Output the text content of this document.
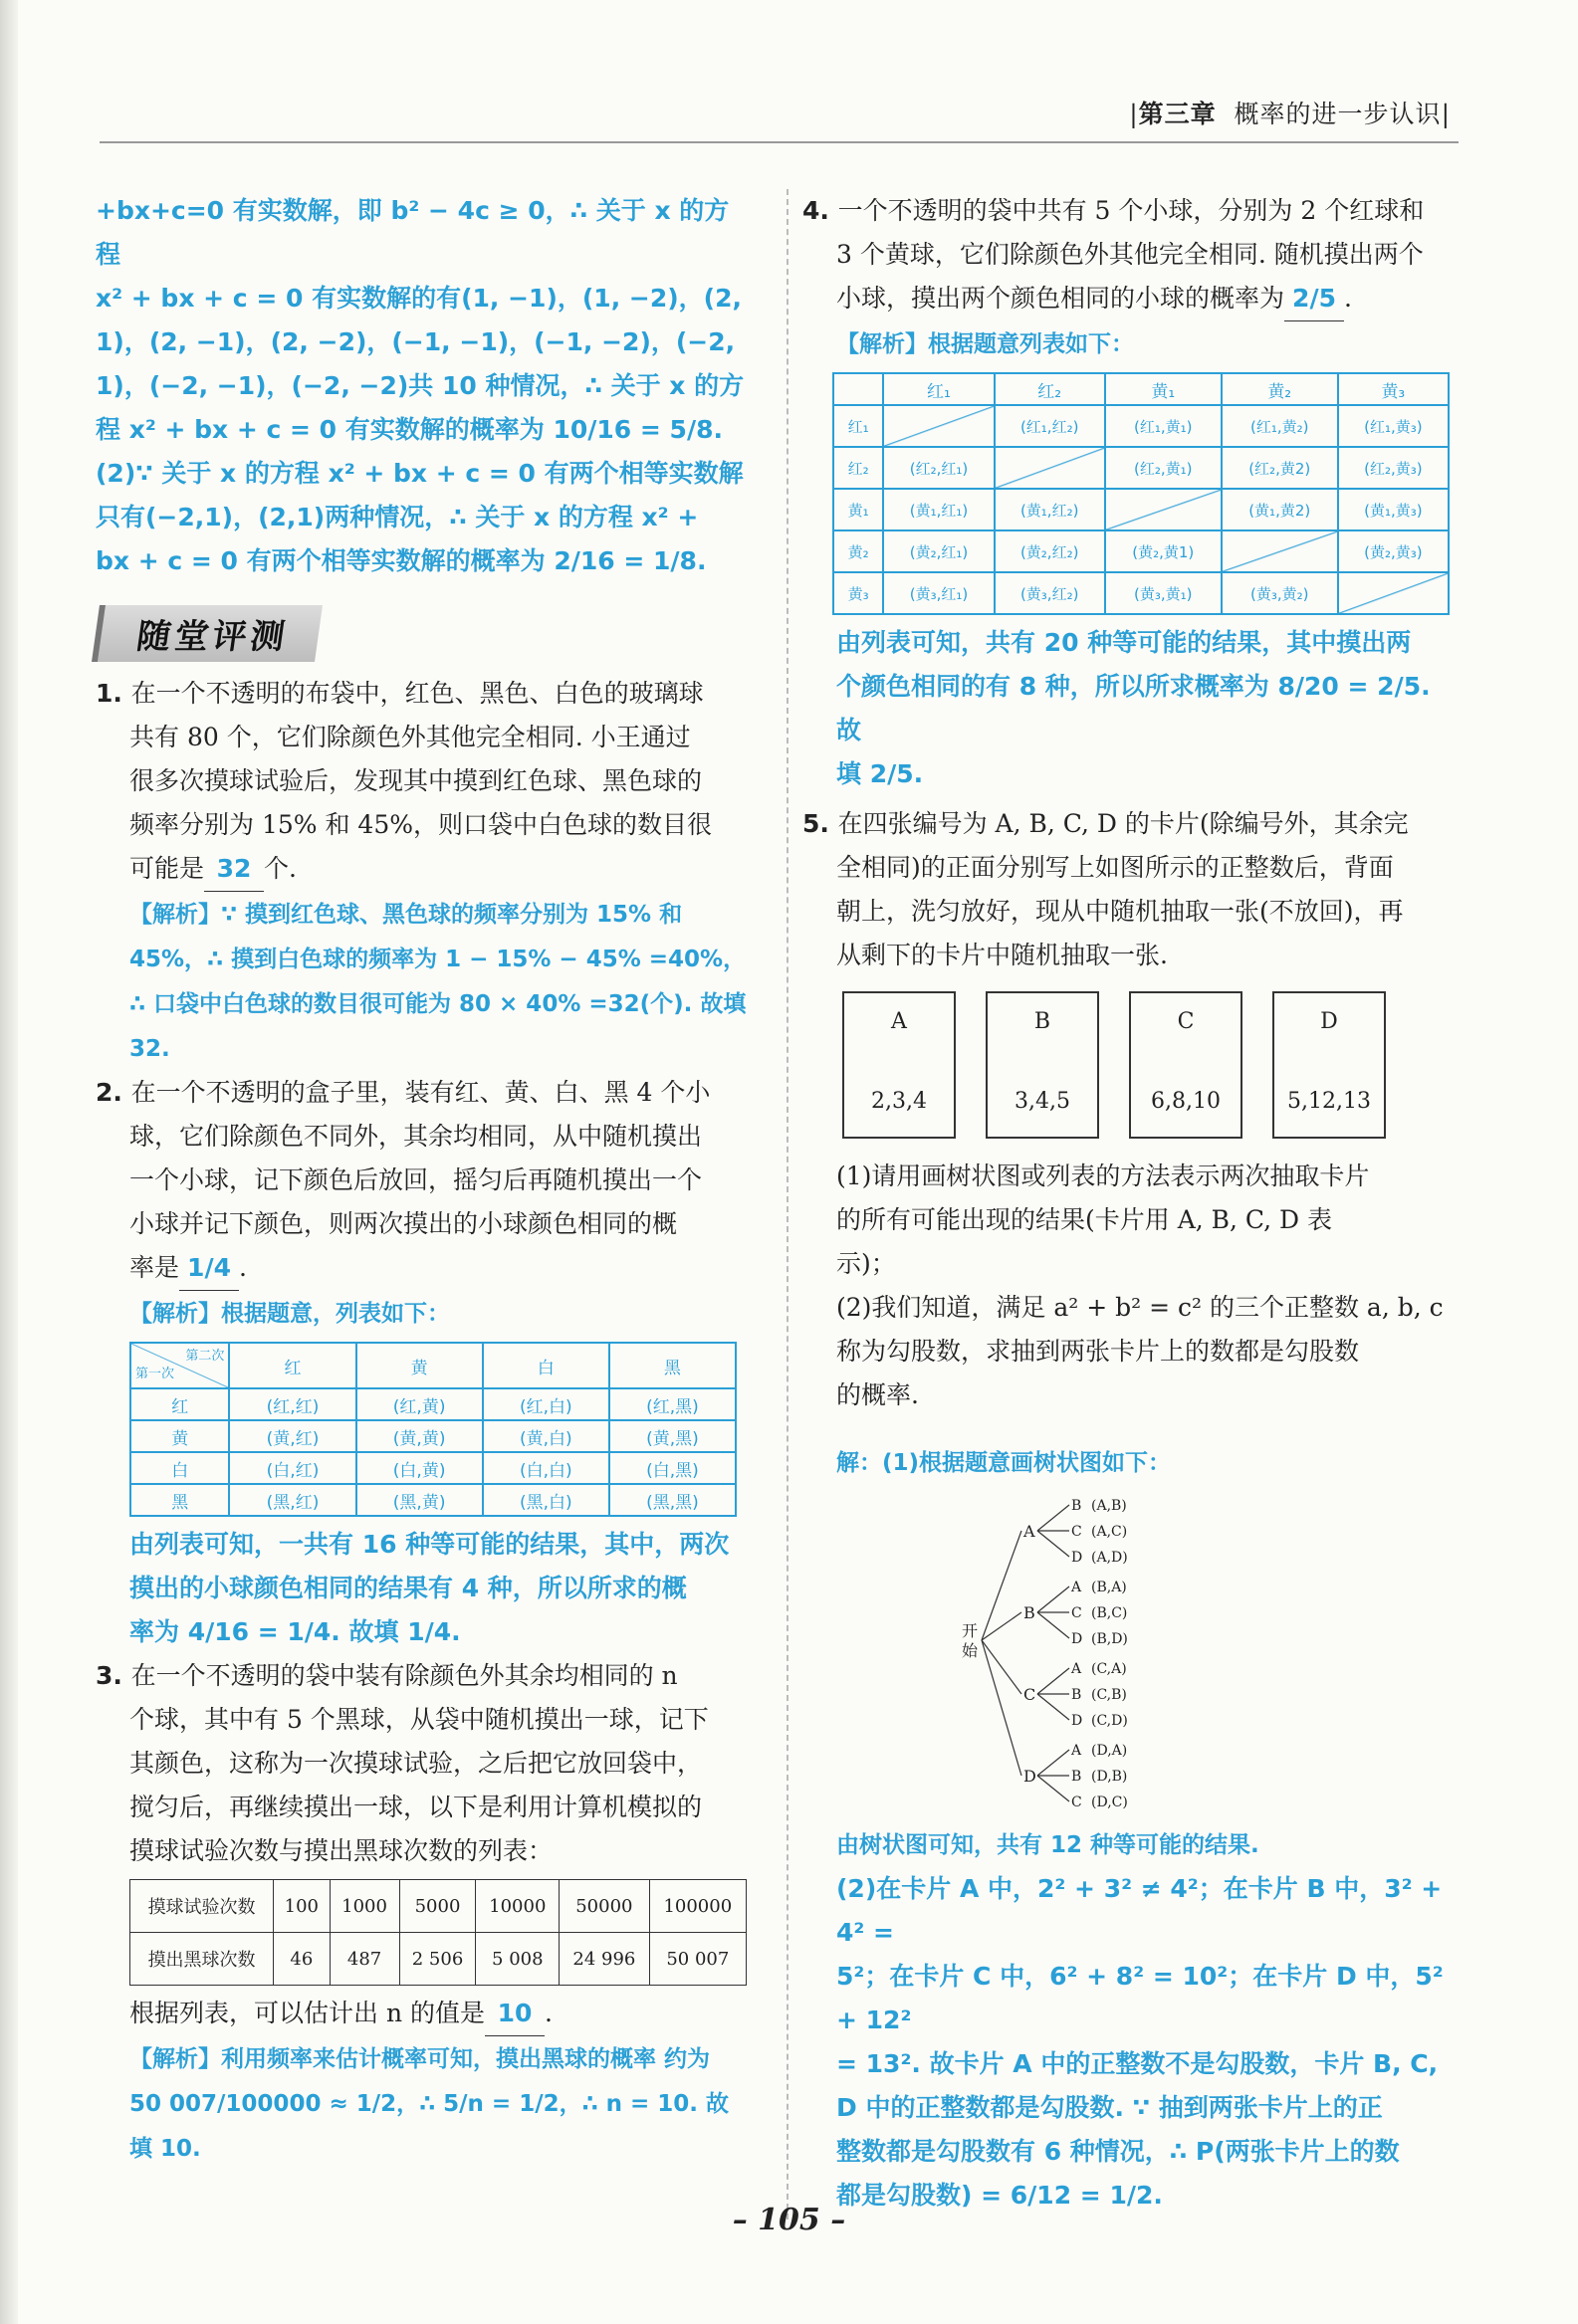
|第三章 概率的进一步认识|

+bx+c=0 有实数解，即 b² − 4c ≥ 0，∴ 关于 x 的方程

x² + bx + c = 0 有实数解的有(1, −1)，(1, −2)，(2,

1)，(2, −1)，(2, −2)，(−1, −1)，(−1, −2)，(−2,

1)，(−2, −1)，(−2, −2)共 10 种情况，∴ 关于 x 的方

程 x² + bx + c = 0 有实数解的概率为 10/16 = 5/8.

(2)∵ 关于 x 的方程 x² + bx + c = 0 有两个相等实数解

只有(−2,1)，(2,1)两种情况，∴ 关于 x 的方程 x² +

bx + c = 0 有两个相等实数解的概率为 2/16 = 1/8.

随堂评测

1. 在一个不透明的布袋中，红色、黑色、白色的玻璃球

共有 80 个，它们除颜色外其他完全相同. 小王通过

很多次摸球试验后，发现其中摸到红色球、黑色球的

频率分别为 15% 和 45%，则口袋中白色球的数目很

可能是 32 个.

【解析】∵ 摸到红色球、黑色球的频率分别为 15% 和45%，∴ 摸到白色球的频率为 1 − 15% − 45% =40%，∴ 口袋中白色球的数目很可能为 80 × 40% =32(个). 故填 32.

2. 在一个不透明的盒子里，装有红、黄、白、黑 4 个小

球，它们除颜色不同外，其余均相同，从中随机摸出

一个小球，记下颜色后放回，摇匀后再随机摸出一个

小球并记下颜色，则两次摸出的小球颜色相同的概

率是 1/4 .

【解析】根据题意，列表如下：

第二次
第一次	红	黄	白	黑
红	(红,红)	(红,黄)	(红,白)	(红,黑)
黄	(黄,红)	(黄,黄)	(黄,白)	(黄,黑)
白	(白,红)	(白,黄)	(白,白)	(白,黑)
黑	(黑,红)	(黑,黄)	(黑,白)	(黑,黑)

由列表可知，一共有 16 种等可能的结果，其中，两次

摸出的小球颜色相同的结果有 4 种，所以所求的概

率为 4/16 = 1/4. 故填 1/4.

3. 在一个不透明的袋中装有除颜色外其余均相同的 n

个球，其中有 5 个黑球，从袋中随机摸出一球，记下

其颜色，这称为一次摸球试验，之后把它放回袋中，

搅匀后，再继续摸出一球，以下是利用计算机模拟的

摸球试验次数与摸出黑球次数的列表：

摸球试验次数	100	1000	5000	10000	50000	100000
摸出黑球次数	46	487	2 506	5 008	24 996	50 007

根据列表，可以估计出 n 的值是 10 .

【解析】利用频率来估计概率可知，摸出黑球的概率 约为 50 007/100000 ≈ 1/2，∴ 5/n = 1/2，∴ n = 10. 故填 10.

4. 一个不透明的袋中共有 5 个小球，分别为 2 个红球和

3 个黄球，它们除颜色外其他完全相同. 随机摸出两个

小球，摸出两个颜色相同的小球的概率为 2/5 .

【解析】根据题意列表如下：

	红₁	红₂	黄₁	黄₂	黄₃
红₁		(红₁,红₂)	(红₁,黄₁)	(红₁,黄₂)	(红₁,黄₃)
红₂	(红₂,红₁)		(红₂,黄₁)	(红₂,黄2)	(红₂,黄₃)
黄₁	(黄₁,红₁)	(黄₁,红₂)		(黄₁,黄2)	(黄₁,黄₃)
黄₂	(黄₂,红₁)	(黄₂,红₂)	(黄₂,黄1)		(黄₂,黄₃)
黄₃	(黄₃,红₁)	(黄₃,红₂)	(黄₃,黄₁)	(黄₃,黄₂)	

由列表可知，共有 20 种等可能的结果，其中摸出两

个颜色相同的有 8 种，所以所求概率为 8/20 = 2/5. 故

填 2/5.

5. 在四张编号为 A, B, C, D 的卡片(除编号外，其余完

全相同)的正面分别写上如图所示的正整数后，背面

朝上，洗匀放好，现从中随机抽取一张(不放回)，再

从剩下的卡片中随机抽取一张.

A
2,3,4
B
3,4,5
C
6,8,10
D
5,12,13

(1)请用画树状图或列表的方法表示两次抽取卡片

的所有可能出现的结果(卡片用 A, B, C, D 表

示)；

(2)我们知道，满足 a² + b² = c² 的三个正整数 a, b, c

称为勾股数，求抽到两张卡片上的数都是勾股数

的概率.

解：(1)根据题意画树状图如下：

开
始
A
B (A,B)
C (A,C)
D (A,D)
B
A (B,A)
C (B,C)
D (B,D)
C
A (C,A)
B (C,B)
D (C,D)
D
A (D,A)
B (D,B)
C (D,C)

由树状图可知，共有 12 种等可能的结果.

(2)在卡片 A 中，2² + 3² ≠ 4²；在卡片 B 中，3² + 4² =

5²；在卡片 C 中，6² + 8² = 10²；在卡片 D 中，5² + 12²

= 13². 故卡片 A 中的正整数不是勾股数，卡片 B, C,

D 中的正整数都是勾股数. ∵ 抽到两张卡片上的正

整数都是勾股数有 6 种情况，∴ P(两张卡片上的数

都是勾股数) = 6/12 = 1/2.

– 105 –
